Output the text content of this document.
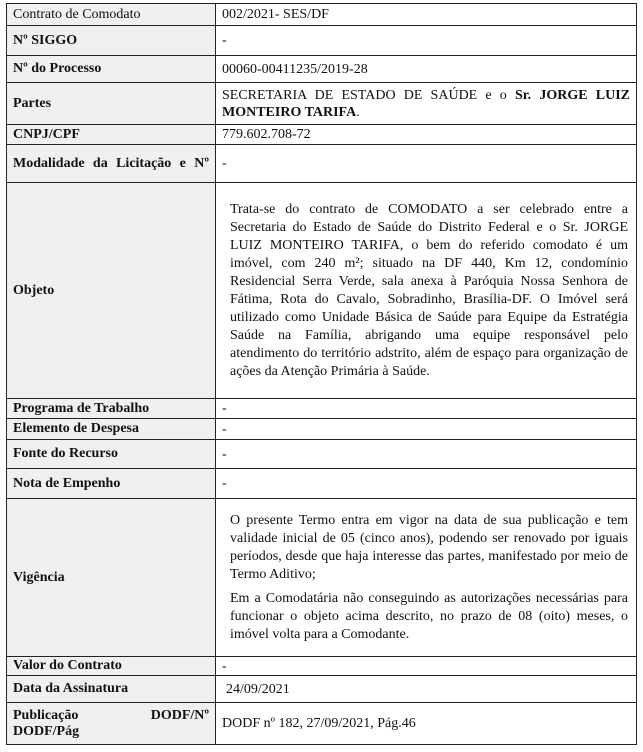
Contrato de Comodato	002/2021- SES/DF
Nº SIGGO	-
Nº do Processo	00060-00411235/2019-28
Partes	SECRETARIA DE ESTADO DE SAÚDE e o Sr. JORGE LUIZ MONTEIRO TARIFA.
CNPJ/CPF	779.602.708-72
Modalidade da Licitação e Nº	-
Objeto	Trata-se do contrato de COMODATO a ser celebrado entre a Secretaria do Estado de Saúde do Distrito Federal e o Sr. JORGE LUIZ MONTEIRO TARIFA, o bem do referido comodato é um imóvel, com 240 m²; situado na DF 440, Km 12, condomínio Residencial Serra Verde, sala anexa à Paróquia Nossa Senhora de Fátima, Rota do Cavalo, Sobradinho, Brasília-DF. O Imóvel será utilizado como Unidade Básica de Saúde para Equipe da Estratégia Saúde na Família, abrigando uma equipe responsável pelo atendimento do território adstrito, além de espaço para organização de ações da Atenção Primária à Saúde.

Programa de Trabalho	-
Elemento de Despesa	-
Fonte do Recurso	-
Nota de Empenho	-
Vigência	O presente Termo entra em vigor na data de sua publicação e tem validade inicial de 05 (cinco anos), podendo ser renovado por iguais períodos, desde que haja interesse das partes, manifestado por meio de Termo Aditivo;
Em a Comodatária não conseguindo as autorizações necessárias para funcionar o objeto acima descrito, no prazo de 08 (oito) meses, o imóvel volta para a Comodante.

Valor do Contrato	-
Data da Assinatura	24/09/2021
Publicação DODF/Nº DODF/Pág	DODF nº 182, 27/09/2021, Pág.46
